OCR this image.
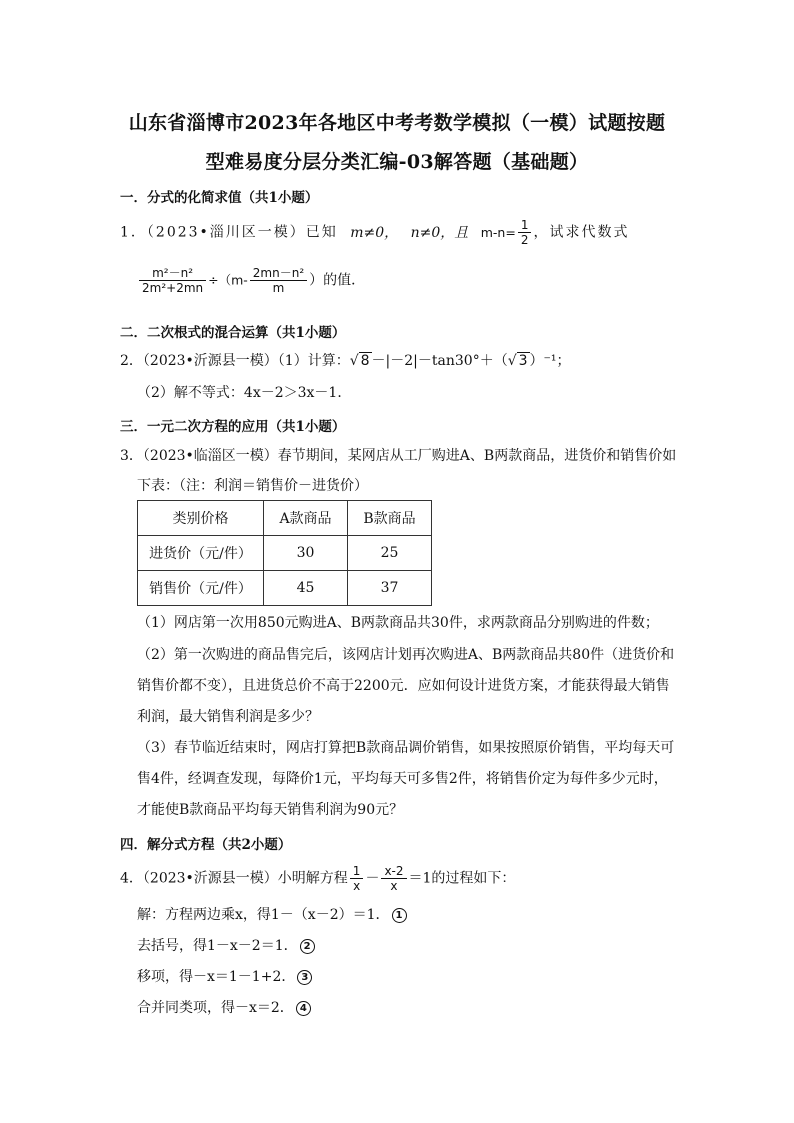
山东省淄博市2023年各地区中考考数学模拟（一模）试题按题
型难易度分层分类汇编-03解答题（基础题）
一．分式的化简求值（共1小题）
1．（2023•淄川区一模）已知 m≠0， n≠0，且 $m-n= \frac{1}{2}$ ，试求代数式
$\frac{\text{m²－n²}}{\text{2m²+2mn}} \div(m- \frac{\text{2mn－n²}}{m}$ ）的值．
二．二次根式的混合运算（共1小题）
2．（2023•沂源县一模）（1）计算：√ 8 －|－2|－tan30°＋（√ 3 ）⁻¹；
（2）解不等式：4x－2＞3x－1．
三．一元二次方程的应用（共1小题）
3．（2023•临淄区一模）春节期间，某网店从工厂购进A、B两款商品，进货价和销售价如
下表：（注：利润＝销售价－进货价）
类别价格	A款商品	B款商品
进货价（元/件）	30	25
销售价（元/件）	45	37
（1）网店第一次用850元购进A、B两款商品共30件，求两款商品分别购进的件数；
（2）第一次购进的商品售完后，该网店计划再次购进A、B两款商品共80件（进货价和
销售价都不变），且进货总价不高于2200元．应如何设计进货方案，才能获得最大销售
利润，最大销售利润是多少？
（3）春节临近结束时，网店打算把B款商品调价销售，如果按照原价销售，平均每天可
售4件，经调查发现，每降价1元，平均每天可多售2件，将销售价定为每件多少元时，
才能使B款商品平均每天销售利润为90元？
四．解分式方程（共2小题）
4．（2023•沂源县一模）小明解方程 $\frac{1}{x} - \frac{x-2}{x} =1$的过程如下：
解：方程两边乘x，得1－（x－2）＝1． 1
去括号，得1－x－2＝1． 2
移项，得－x＝1－1+2． 3
合并同类项，得－x＝2． 4
